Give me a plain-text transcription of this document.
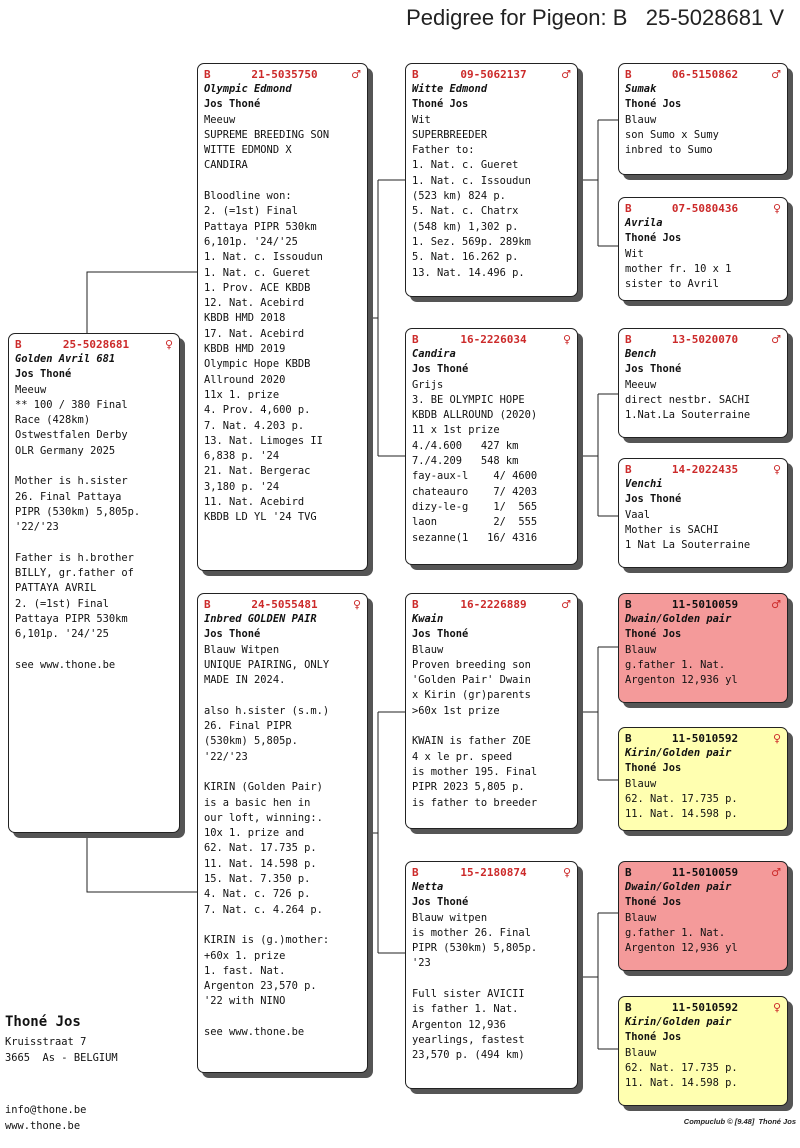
Pedigree for Pigeon: B   25-5028681 V
B	25-5028681	♀
Golden Avril 681
Jos Thoné
Meeuw
** 100 / 380 Final
Race (428km)
Ostwestfalen Derby
OLR Germany 2025

Mother is h.sister
26. Final Pattaya
PIPR (530km) 5,805p.
'22/'23

Father is h.brother
BILLY, gr.father of
PATTAYA AVRIL
2. (=1st) Final
Pattaya PIPR 530km
6,101p. '24/'25

see www.thone.be
B	21-5035750	♂
Olympic Edmond
Jos Thoné
Meeuw
SUPREME BREEDING SON
WITTE EDMOND X
CANDIRA

Bloodline won:
2. (=1st) Final
Pattaya PIPR 530km
6,101p. '24/'25
1. Nat. c. Issoudun
1. Nat. c. Gueret
1. Prov. ACE KBDB
12. Nat. Acebird
KBDB HMD 2018
17. Nat. Acebird
KBDB HMD 2019
Olympic Hope KBDB
Allround 2020
11x 1. prize
4. Prov. 4,600 p.
7. Nat. 4.203 p.
13. Nat. Limoges II
6,838 p. '24
21. Nat. Bergerac
3,180 p. '24
11. Nat. Acebird
KBDB LD YL '24 TVG
B	24-5055481	♀
Inbred GOLDEN PAIR
Jos Thoné
Blauw Witpen
UNIQUE PAIRING, ONLY
MADE IN 2024.

also h.sister (s.m.)
26. Final PIPR
(530km) 5,805p.
'22/'23

KIRIN (Golden Pair)
is a basic hen in
our loft, winning:.
10x 1. prize and
62. Nat. 17.735 p.
11. Nat. 14.598 p.
15. Nat. 7.350 p.
4. Nat. c. 726 p.
7. Nat. c. 4.264 p.

KIRIN is (g.)mother:
+60x 1. prize
1. fast. Nat.
Argenton 23,570 p.
'22 with NINO

see www.thone.be
B	09-5062137	♂
Witte Edmond
Thoné Jos
Wit
SUPERBREEDER
Father to:
1. Nat. c. Gueret
1. Nat. c. Issoudun
(523 km) 824 p.
5. Nat. c. Chatrx
(548 km) 1,302 p.
1. Sez. 569p. 289km
5. Nat. 16.262 p.
13. Nat. 14.496 p.
B	16-2226034	♀
Candira
Jos Thoné
Grijs
3. BE OLYMPIC HOPE
KBDB ALLROUND (2020)
11 x 1st prize
4./4.600   427 km
7./4.209   548 km
fay-aux-l    4/ 4600
chateauro    7/ 4203
dizy-le-g    1/  565
laon         2/  555
sezanne(1   16/ 4316
B	16-2226889	♂
Kwain
Jos Thoné
Blauw
Proven breeding son
'Golden Pair' Dwain
x Kirin (gr)parents
>60x 1st prize

KWAIN is father ZOE
4 x le pr. speed
is mother 195. Final
PIPR 2023 5,805 p.
is father to breeder
B	15-2180874	♀
Netta
Jos Thoné
Blauw witpen
is mother 26. Final
PIPR (530km) 5,805p.
'23

Full sister AVICII
is father 1. Nat.
Argenton 12,936
yearlings, fastest
23,570 p. (494 km)
B	06-5150862	♂
Sumak
Thoné Jos
Blauw
son Sumo x Sumy
inbred to Sumo
B	07-5080436	♀
Avrila
Thoné Jos
Wit
mother fr. 10 x 1
sister to Avril
B	13-5020070	♂
Bench
Jos Thoné
Meeuw
direct nestbr. SACHI
1.Nat.La Souterraine
B	14-2022435	♀
Venchi
Jos Thoné
Vaal
Mother is SACHI
1 Nat La Souterraine
B	11-5010059	♂
Dwain/Golden pair
Thoné Jos
Blauw
g.father 1. Nat.
Argenton 12,936 yl
B	11-5010592	♀
Kirin/Golden pair
Thoné Jos
Blauw
62. Nat. 17.735 p.
11. Nat. 14.598 p.
B	11-5010059	♂
Dwain/Golden pair
Thoné Jos
Blauw
g.father 1. Nat.
Argenton 12,936 yl
B	11-5010592	♀
Kirin/Golden pair
Thoné Jos
Blauw
62. Nat. 17.735 p.
11. Nat. 14.598 p.
Thoné Jos
Kruisstraat 7
3665  As - BELGIUM
info@thone.be
www.thone.be	Compuclub © [9.48]  Thoné Jos
